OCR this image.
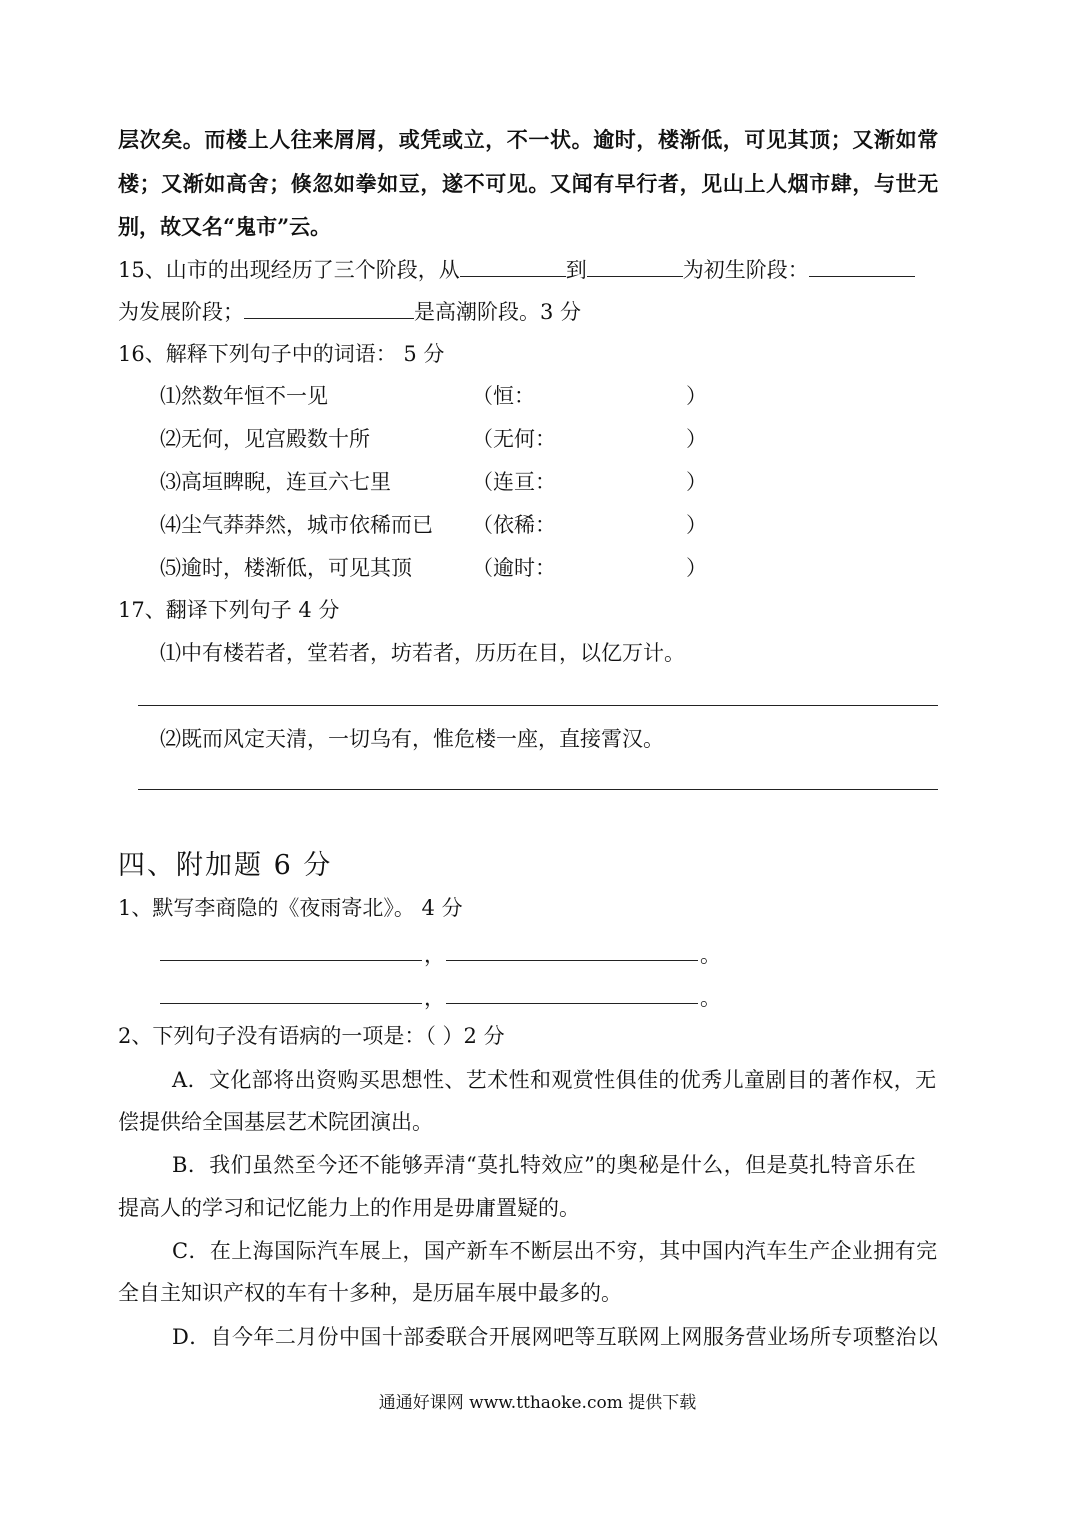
层次矣。而楼上人往来屑屑，或凭或立，不一状。逾时，楼渐低，可见其顶；又渐如常
楼；又渐如高舍；倏忽如拳如豆，遂不可见。又闻有早行者，见山上人烟市肆，与世无
别，故又名“鬼市”云。
15、山市的出现经历了三个阶段，从	到	为初生阶段：
为发展阶段；	是高潮阶段。3 分
16、解释下列句子中的词语： 5 分
⑴然数年恒不一见	（恒：	）
⑵无何，见宫殿数十所	（无何：	）
⑶高垣睥睨，连亘六七里	（连亘：	）
⑷尘气莽莽然，城市依稀而已 （依稀：	）
⑸逾时，楼渐低，可见其顶	（逾时：	）
17、翻译下列句子 4 分
⑴中有楼若者，堂若者，坊若者，历历在目，以亿万计。
⑵既而风定天清，一切乌有，惟危楼一座，直接霄汉。
四、附加题 6 分
1、默写李商隐的《夜雨寄北》。 4 分
，	。
，	。
2、下列句子没有语病的一项是：（ ）2 分
A．文化部将出资购买思想性、艺术性和观赏性俱佳的优秀儿童剧目的著作权，无
偿提供给全国基层艺术院团演出。
B．我们虽然至今还不能够弄清“莫扎特效应”的奥秘是什么，但是莫扎特音乐在
提高人的学习和记忆能力上的作用是毋庸置疑的。
C．在上海国际汽车展上，国产新车不断层出不穷，其中国内汽车生产企业拥有完
全自主知识产权的车有十多种，是历届车展中最多的。
D．自今年二月份中国十部委联合开展网吧等互联网上网服务营业场所专项整治以
通通好课网 www.tthaoke.com 提供下载
